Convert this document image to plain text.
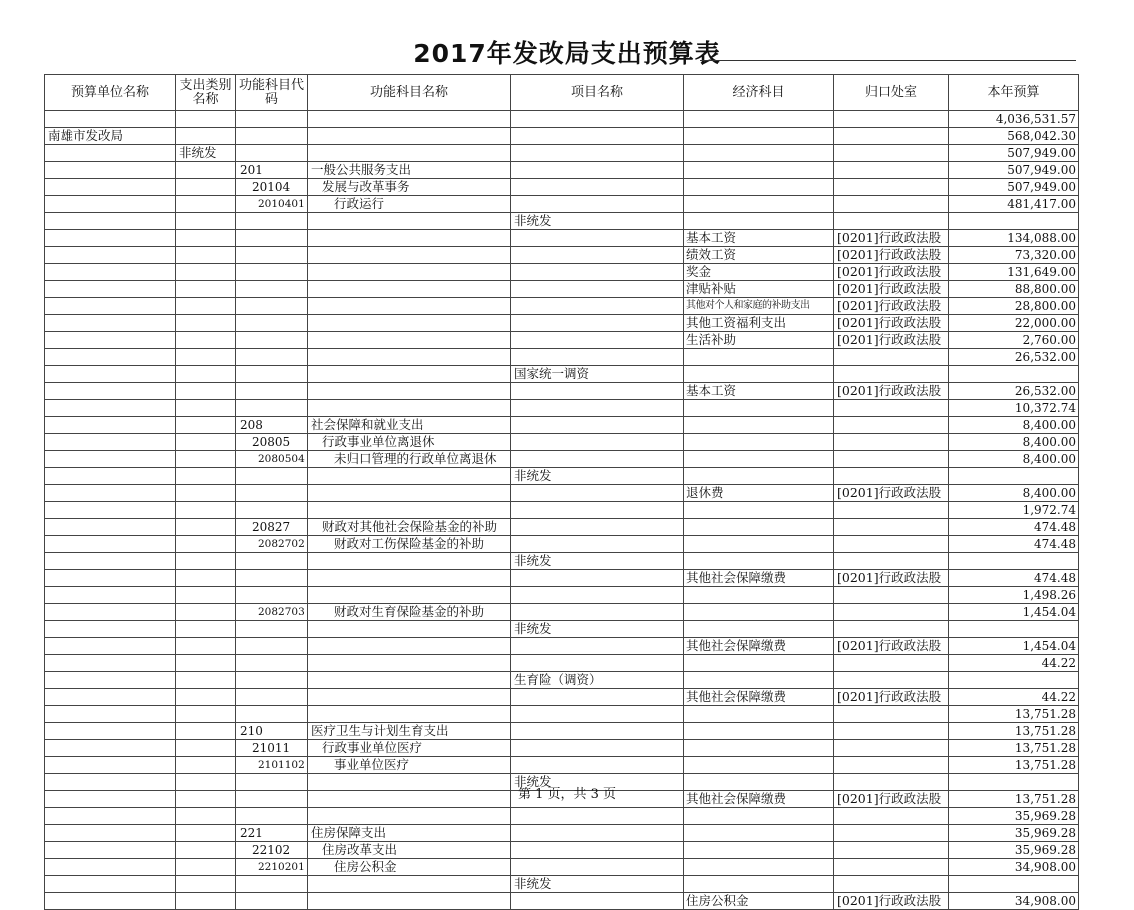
2017年发改局支出预算表
预算单位名称	支出类别名称	功能科目代码	功能科目名称	项目名称	经济科目	归口处室	本年预算
							4,036,531.57
南雄市发改局							568,042.30
	非统发						507,949.00
		201	一般公共服务支出				507,949.00
		20104	发展与改革事务				507,949.00
		2010401	行政运行				481,417.00
				非统发			
					基本工资	[0201]行政政法股	134,088.00
					绩效工资	[0201]行政政法股	73,320.00
					奖金	[0201]行政政法股	131,649.00
					津贴补贴	[0201]行政政法股	88,800.00
					其他对个人和家庭的补助支出	[0201]行政政法股	28,800.00
					其他工资福利支出	[0201]行政政法股	22,000.00
					生活补助	[0201]行政政法股	2,760.00
							26,532.00
				国家统一调资			
					基本工资	[0201]行政政法股	26,532.00
							10,372.74
		208	社会保障和就业支出				8,400.00
		20805	行政事业单位离退休				8,400.00
		2080504	未归口管理的行政单位离退休				8,400.00
				非统发			
					退休费	[0201]行政政法股	8,400.00
							1,972.74
		20827	财政对其他社会保险基金的补助				474.48
		2082702	财政对工伤保险基金的补助				474.48
				非统发			
					其他社会保障缴费	[0201]行政政法股	474.48
							1,498.26
		2082703	财政对生育保险基金的补助				1,454.04
				非统发			
					其他社会保障缴费	[0201]行政政法股	1,454.04
							44.22
				生育险（调资）			
					其他社会保障缴费	[0201]行政政法股	44.22
							13,751.28
		210	医疗卫生与计划生育支出				13,751.28
		21011	行政事业单位医疗				13,751.28
		2101102	事业单位医疗				13,751.28
				非统发			
					其他社会保障缴费	[0201]行政政法股	13,751.28
							35,969.28
		221	住房保障支出				35,969.28
		22102	住房改革支出				35,969.28
		2210201	住房公积金				34,908.00
				非统发			
					住房公积金	[0201]行政政法股	34,908.00
第 1 页，共 3 页
